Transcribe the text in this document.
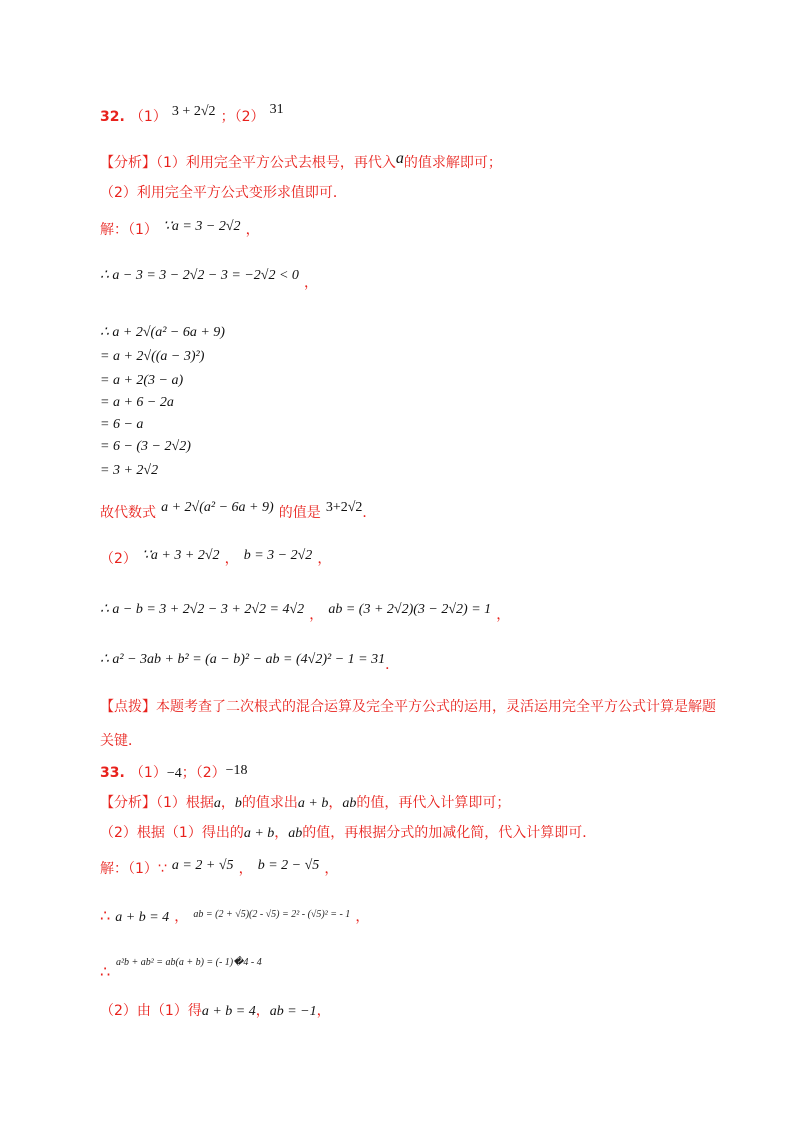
32. （1） 3 + 2√2 ；（2） 31
【分析】（1）利用完全平方公式去根号，再代入a的值求解即可；
（2）利用完全平方公式变形求值即可．
解：（1） ∵a = 3 − 2√2 ，
∴ a − 3 = 3 − 2√2 − 3 = −2√2 < 0 ，
∴ a + 2√(a² − 6a + 9)
= a + 2√((a − 3)²)
= a + 2(3 − a)
= a + 6 − 2a
= 6 − a
= 6 − (3 − 2√2)
= 3 + 2√2
故代数式 a + 2√(a² − 6a + 9) 的值是 3+2√2．
（2） ∵a + 3 + 2√2 ， b = 3 − 2√2 ，
∴ a − b = 3 + 2√2 − 3 + 2√2 = 4√2 ， ab = (3 + 2√2)(3 − 2√2) = 1 ，
∴ a² − 3ab + b² = (a − b)² − ab = (4√2)² − 1 = 31．
【点拨】本题考查了二次根式的混合运算及完全平方公式的运用，灵活运用完全平方公式计算是解题
关键．
33. （1）−4；（2）−18
【分析】（1）根据a，b的值求出a + b，ab的值，再代入计算即可；
（2）根据（1）得出的a + b，ab的值，再根据分式的加减化简，代入计算即可．
解：（1）∵ a = 2 + √5 ， b = 2 − √5 ，
∴ a + b = 4 ， $^{ab = (2 + √5)(2 - √5) = 2^2 - (√5)^2 = - 1}$ ，
a²b + ab² = ab(a + b) = (- 1)�4 - 4
∴
（2）由（1）得a + b = 4，ab = −1，
